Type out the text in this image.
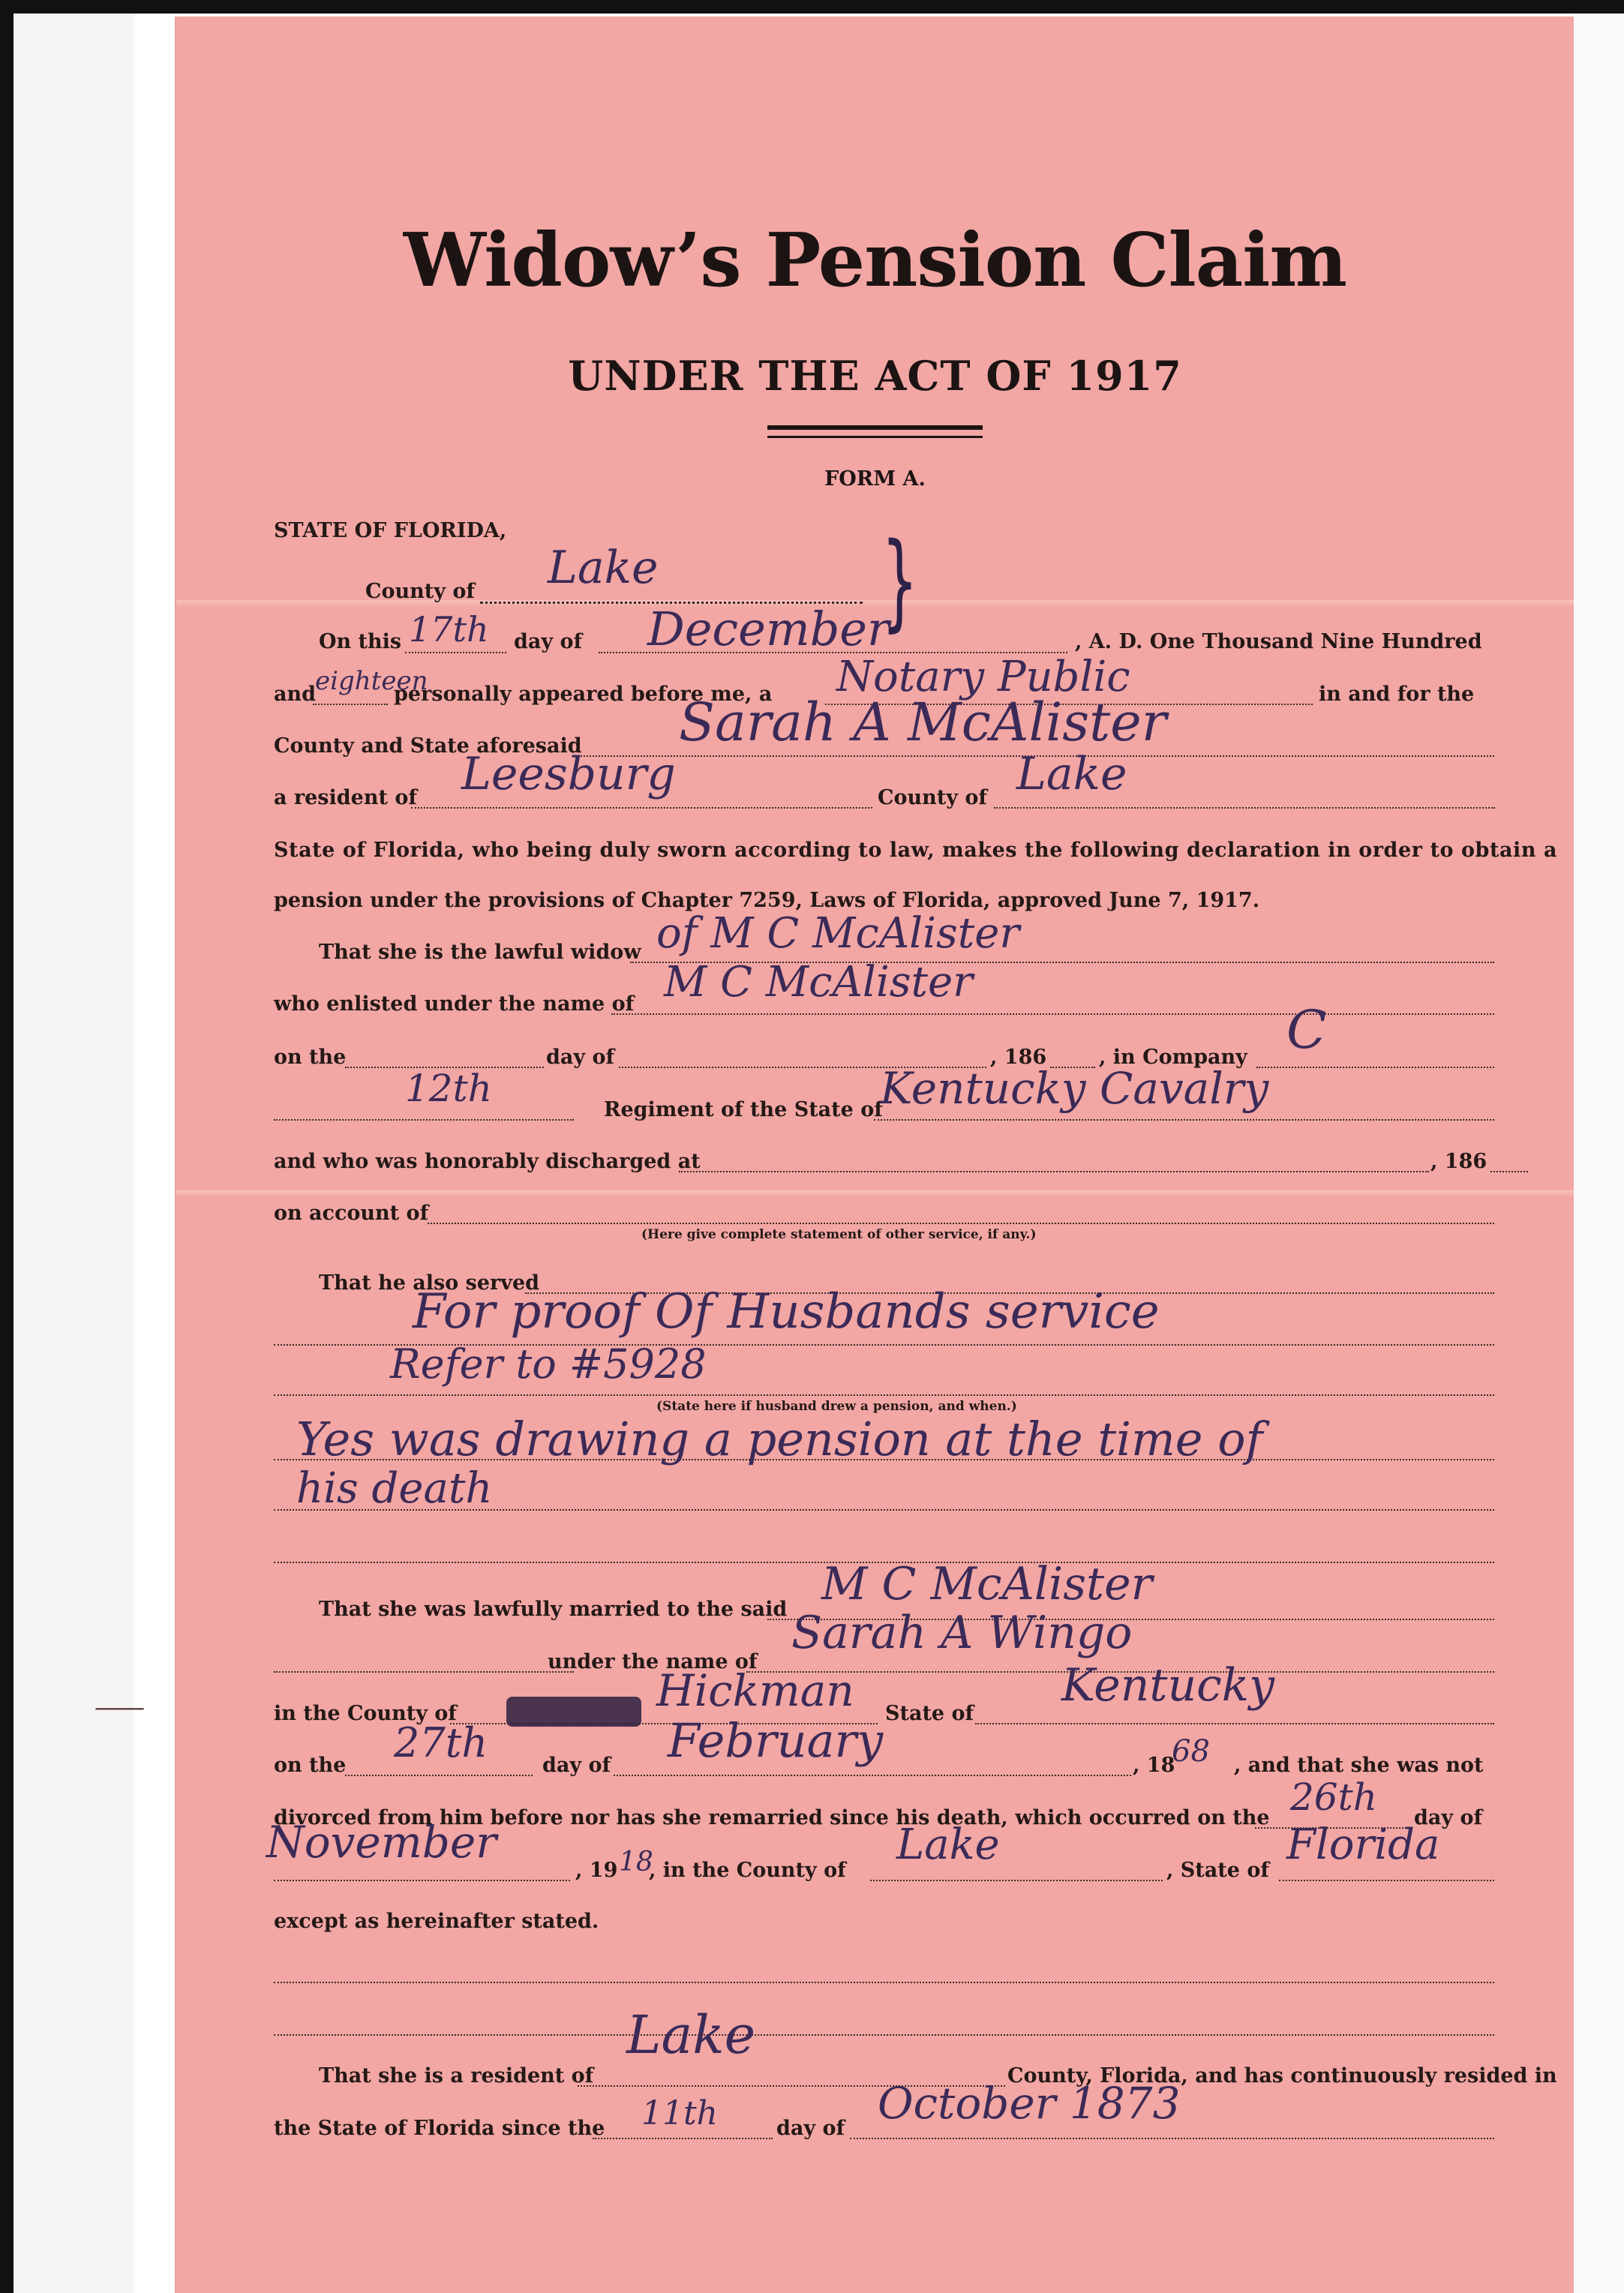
Widow’s Pension Claim
UNDER THE ACT OF 1917
FORM A.
STATE OF FLORIDA,
County of Lake }
On this 17th day of December	, A. D. One Thousand Nine Hundred
and
eighteen
personally appeared before me, a Notary Public	in and for the
County and State aforesaid Sarah A McAlister
a resident of Leesburg	County of Lake
State of Florida, who being duly sworn according to law, makes the following declaration in order to obtain a
pension under the provisions of Chapter 7259, Laws of Florida, approved June 7, 1917.
That she is the lawful widow of M C McAlister
who enlisted under the name of M C McAlister
on the	day of	, 186	, in Company C
12th	Regiment of the State of
Kentucky Cavalry
and who was honorably discharged at	, 186
on account of
(Here give complete statement of other service, if any.)
That he also served
For proof Of Husbands service
Refer to #5928
(State here if husband drew a pension, and when.)
Yes was drawing a pension at the time of
his death
That she was lawfully married to the said M C McAlister
under the name of
Sarah A Wingo
⸺	in the County of	Hickman State of
Kentucky
on the 27th	day of February	, 18
68 , and that she was not
divorced from him before nor has she remarried since his death, which occurred on the 26th day of
November
, 19 18
, in the County of
Lake
, State of
Florida
except as hereinafter stated.
That she is a resident of
Lake
County, Florida, and has continuously resided in
the State of Florida since the 11th	day of October 1873
